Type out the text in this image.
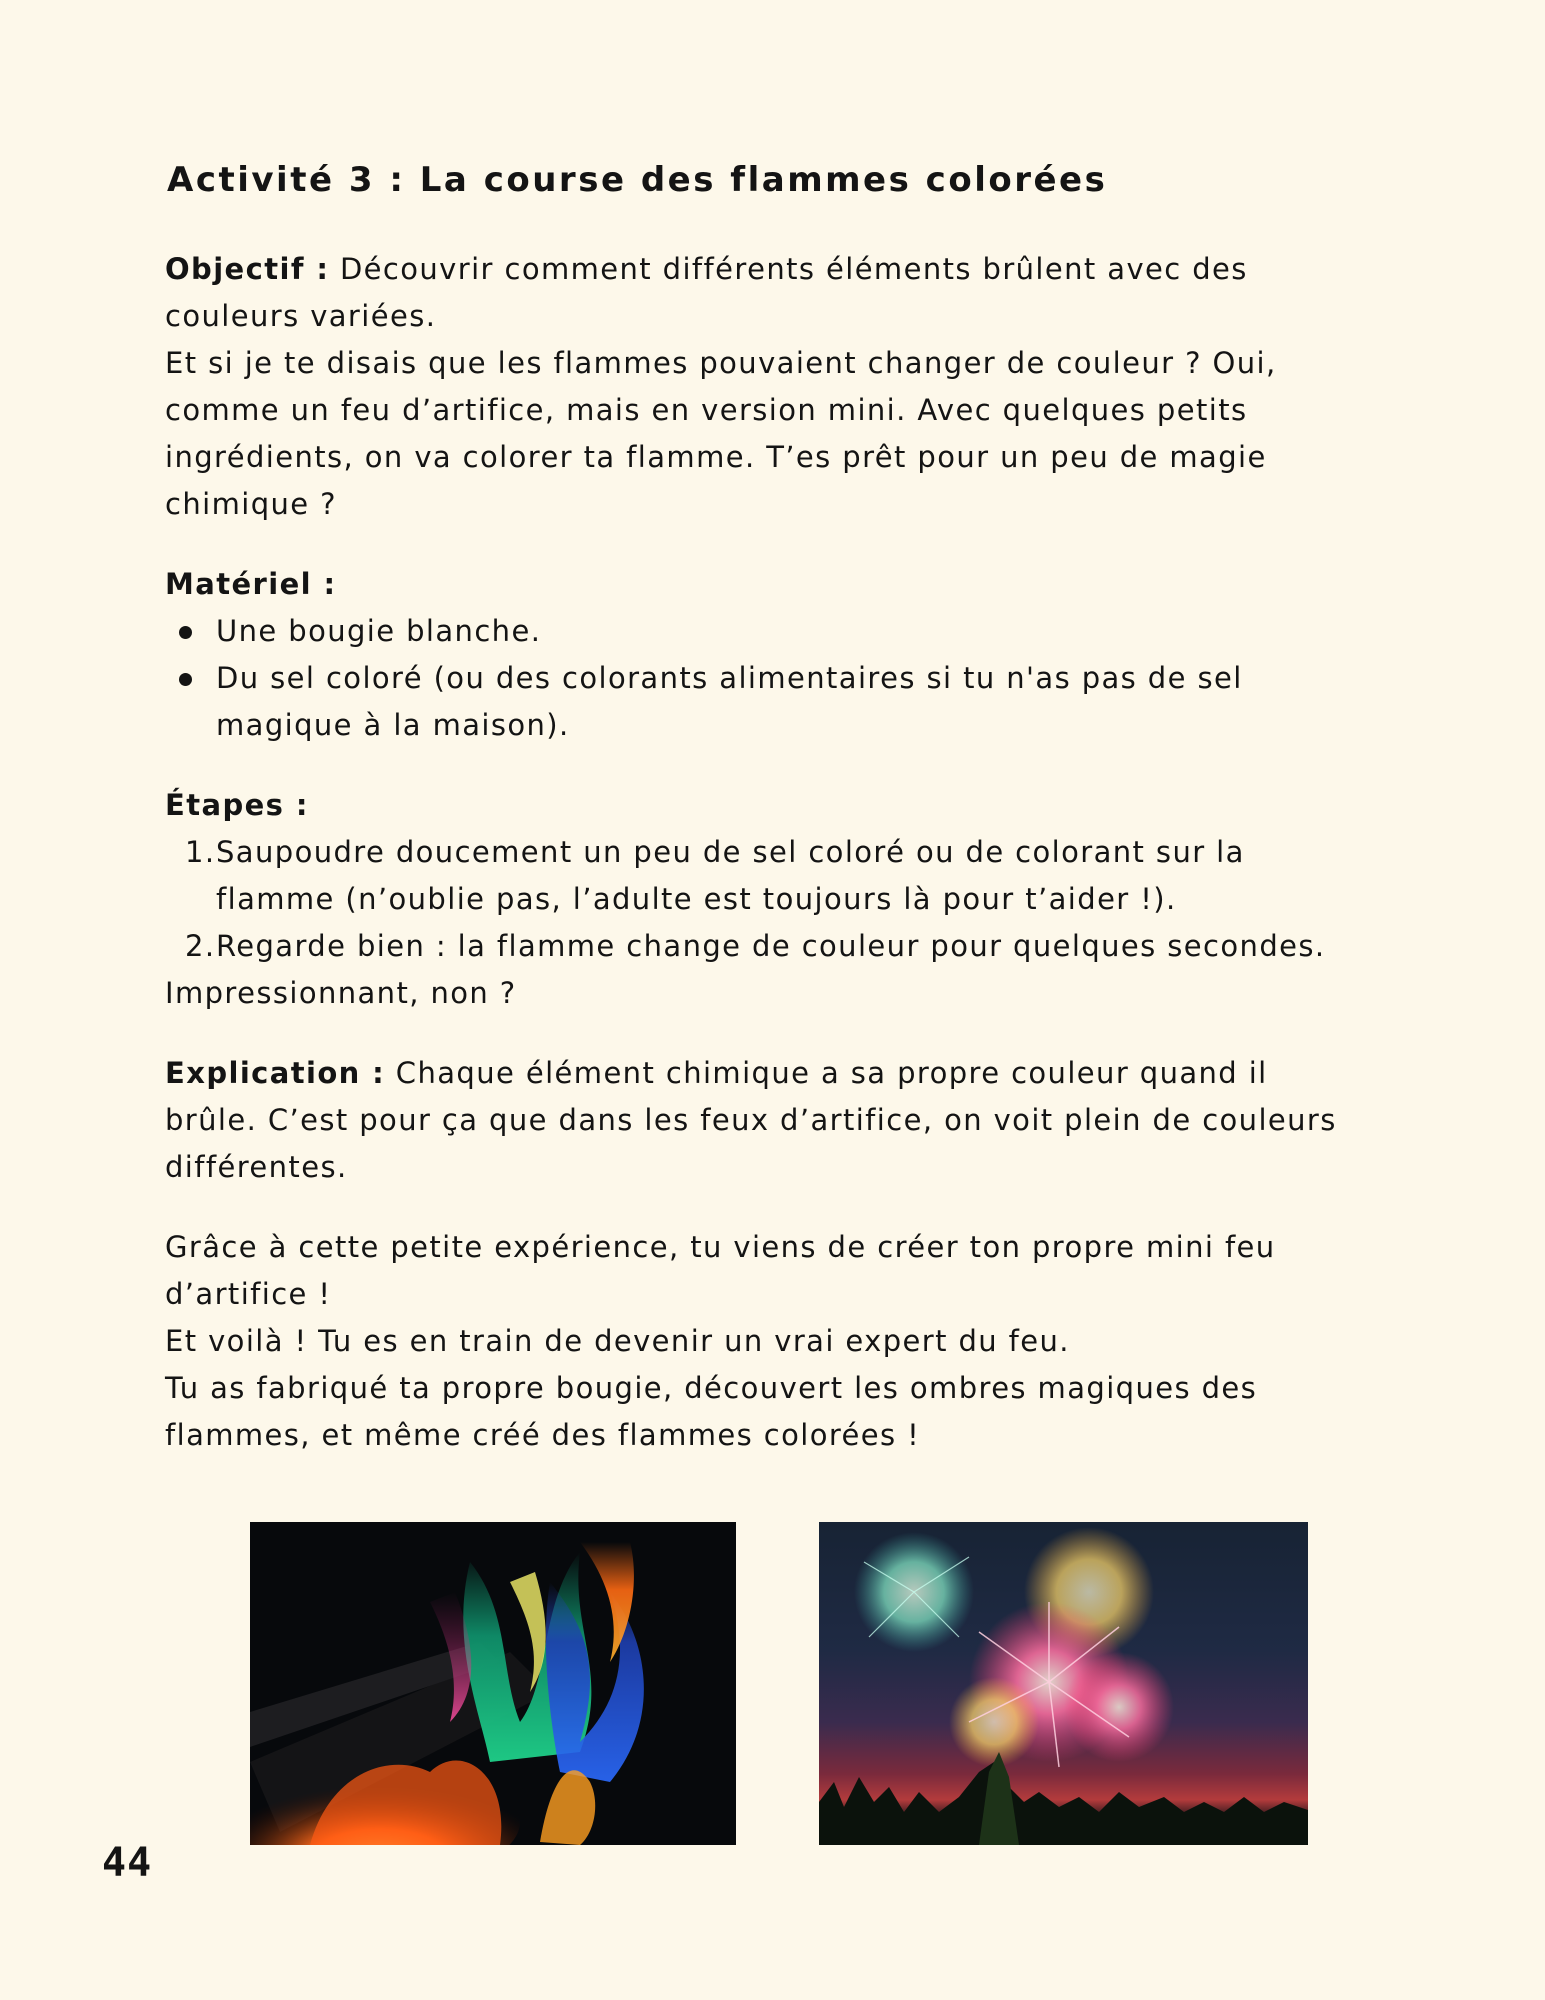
Activité 3 : La course des flammes colorées

Objectif : Découvrir comment différents éléments brûlent avec des couleurs variées.

Et si je te disais que les flammes pouvaient changer de couleur ? Oui, comme un feu d’artifice, mais en version mini. Avec quelques petits ingrédients, on va colorer ta flamme. T’es prêt pour un peu de magie chimique ?

Matériel :

Une bougie blanche.
Du sel coloré (ou des colorants alimentaires si tu n'as pas de sel magique à la maison).

Étapes :

1. Saupoudre doucement un peu de sel coloré ou de colorant sur la flamme (n’oublie pas, l’adulte est toujours là pour t’aider !).
2. Regarde bien : la flamme change de couleur pour quelques secondes.

Impressionnant, non ?

Explication : Chaque élément chimique a sa propre couleur quand il brûle. C’est pour ça que dans les feux d’artifice, on voit plein de couleurs différentes.

Grâce à cette petite expérience, tu viens de créer ton propre mini feu d’artifice !

Et voilà ! Tu es en train de devenir un vrai expert du feu.

Tu as fabriqué ta propre bougie, découvert les ombres magiques des flammes, et même créé des flammes colorées !

44
